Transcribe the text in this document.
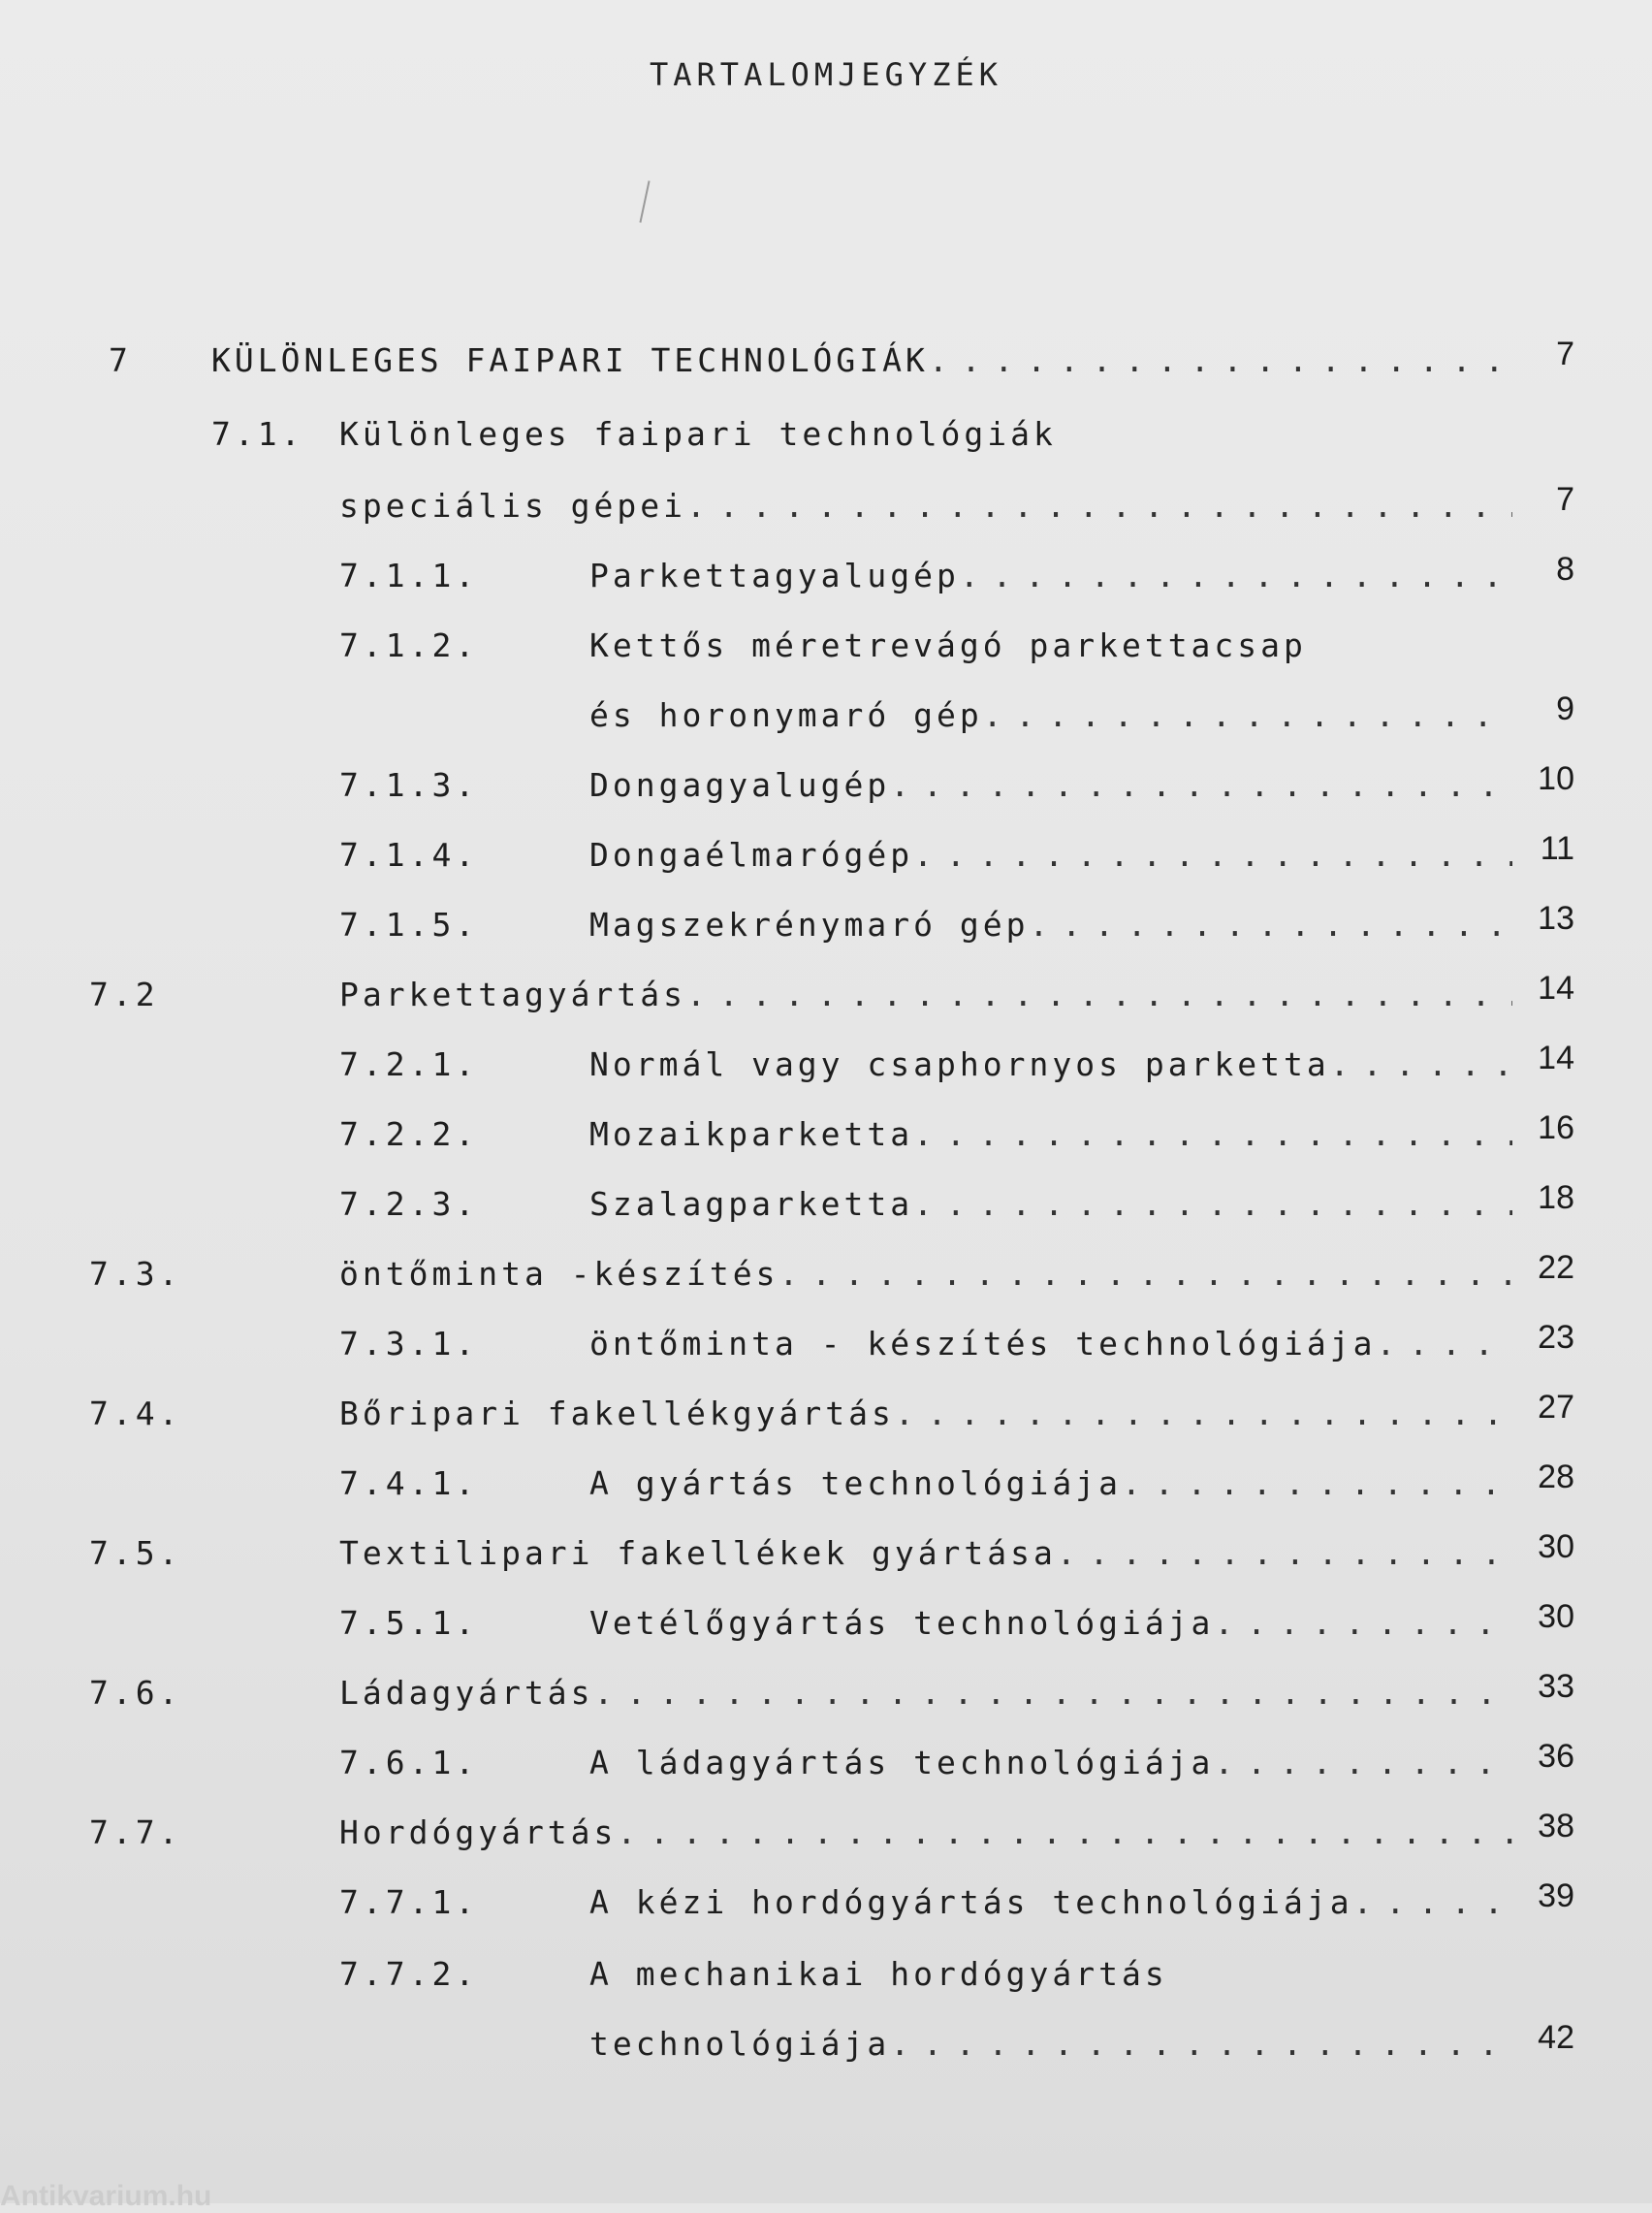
TARTALOMJEGYZÉK
7 KÜLÖNLEGES FAIPARI TECHNOLÓGIÁK . . .	7
7.1. Különleges faipari technológiák
speciális gépei . . .	7
7.1.1.	Parkettagyalugép . . .	8
7.1.2.	Kettős méretrevágó parkettacsap
és horonymaró gép . . .	9
7.1.3.	Dongagyalugép . . .	10
7.1.4.	Dongaélmarógép . . .	11
7.1.5.	Magszekrénymaró gép . . .	13
7.2	Parkettagyártás . . .	14
7.2.1.	Normál vagy csaphornyos parketta . . .	14
7.2.2.	Mozaikparketta . . .	16
7.2.3.	Szalagparketta . . .	18
7.3.	öntőminta -készítés . . .	22
7.3.1.	öntőminta - készítés technológiája . . .	23
7.4.	Bőripari fakellékgyártás . . .	27
7.4.1.	A gyártás technológiája . . .	28
7.5.	Textilipari fakellékek gyártása . . .	30
7.5.1.	Vetélőgyártás technológiája . . .	30
7.6.	Ládagyártás . . .	33
7.6.1.	A ládagyártás technológiája . . .	36
7.7.	Hordógyártás . . .	38
7.7.1.	A kézi hordógyártás technológiája . . .	39
7.7.2.	A mechanikai hordógyártás
technológiája . . .	42
Antikvarium.hu
